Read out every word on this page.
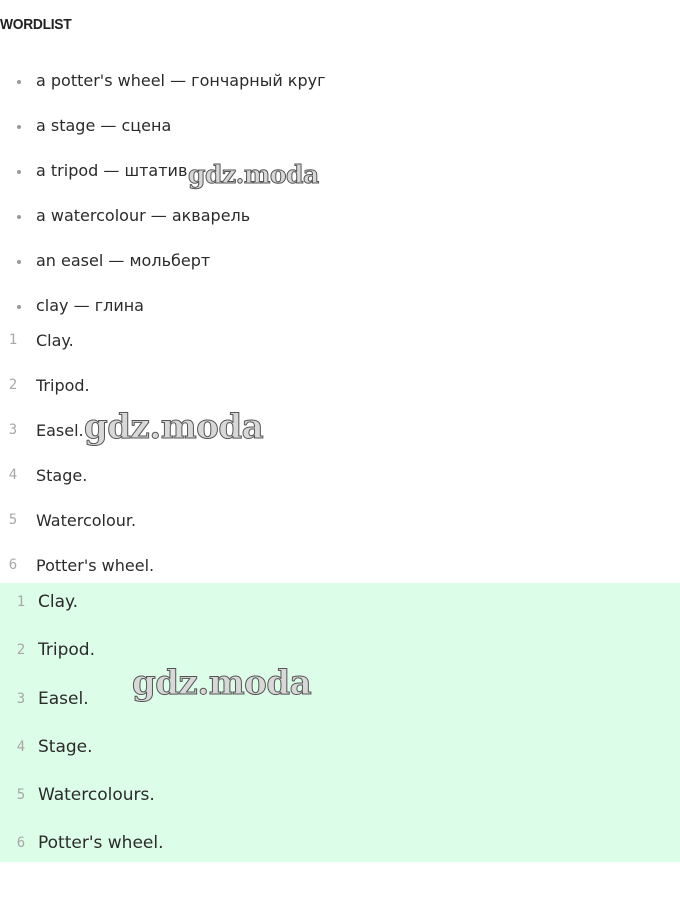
WORDLIST
a potter's wheel — гончарный круг
a stage — сцена
a tripod — штатив
a watercolour — акварель
an easel — мольберт
clay — глина
1 Clay.
2 Tripod.
3 Easel.
4 Stage.
5 Watercolour.
6 Potter's wheel.
1 Clay.
2 Tripod.
3 Easel.
4 Stage.
5 Watercolours.
6 Potter's wheel.
gdz.moda
gdz.moda
gdz.moda
